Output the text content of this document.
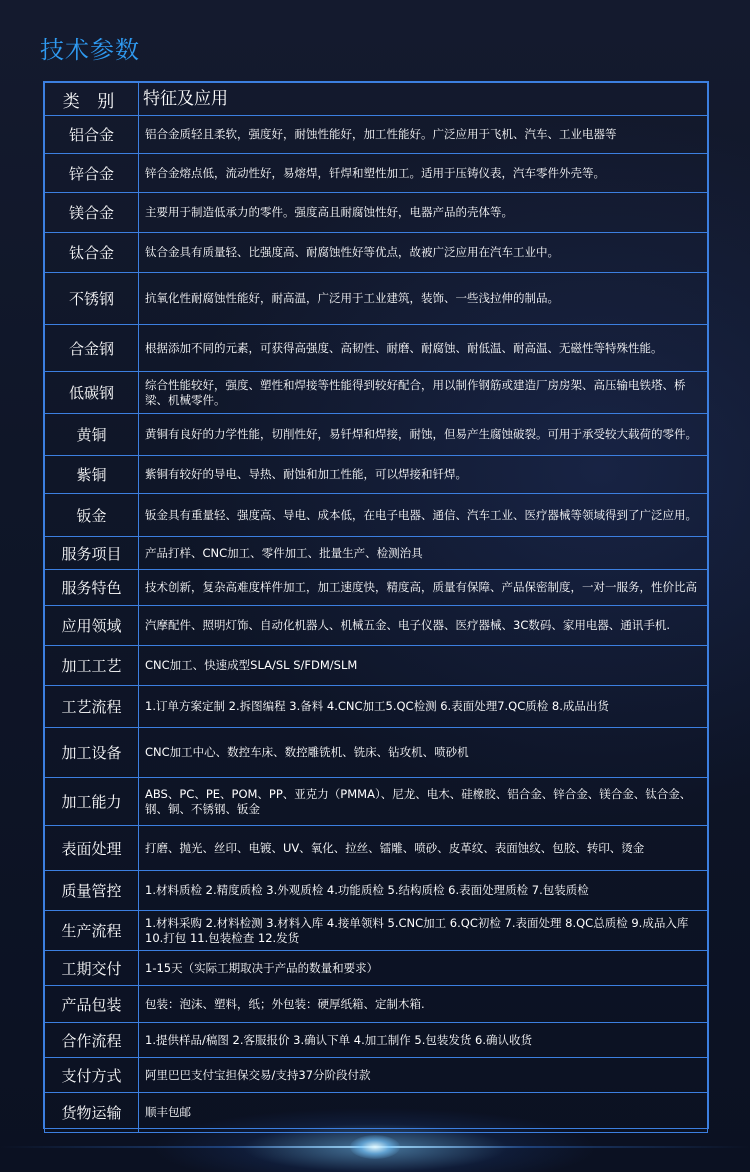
技术参数
类 别	特征及应用
铝合金	铝合金质轻且柔软，强度好，耐蚀性能好，加工性能好。广泛应用于飞机、汽车、工业电器等
锌合金	锌合金熔点低，流动性好，易熔焊，钎焊和塑性加工。适用于压铸仪表，汽车零件外壳等。
镁合金	主要用于制造低承力的零件。强度高且耐腐蚀性好，电器产品的壳体等。
钛合金	钛合金具有质量轻、比强度高、耐腐蚀性好等优点，故被广泛应用在汽车工业中。
不锈钢	抗氧化性耐腐蚀性能好，耐高温，广泛用于工业建筑，装饰、一些浅拉伸的制品。
合金钢	根据添加不同的元素，可获得高强度、高韧性、耐磨、耐腐蚀、耐低温、耐高温、无磁性等特殊性能。
低碳钢	综合性能较好，强度、塑性和焊接等性能得到较好配合，用以制作钢筋或建造厂房房架、高压输电铁塔、桥梁、机械零件。
黄铜	黄铜有良好的力学性能，切削性好，易钎焊和焊接，耐蚀，但易产生腐蚀破裂。可用于承受较大载荷的零件。
紫铜	紫铜有较好的导电、导热、耐蚀和加工性能，可以焊接和钎焊。
钣金	钣金具有重量轻、强度高、导电、成本低，在电子电器、通信、汽车工业、医疗器械等领域得到了广泛应用。
服务项目	产品打样、CNC加工、零件加工、批量生产、检测治具
服务特色	技术创新，复杂高难度样件加工，加工速度快，精度高，质量有保障、产品保密制度，一对一服务，性价比高
应用领域	汽摩配件、照明灯饰、自动化机器人、机械五金、电子仪器、医疗器械、3C数码、家用电器、通讯手机.
加工工艺	CNC加工、快速成型SLA/SL S/FDM/SLM
工艺流程	1.订单方案定制 2.拆图编程 3.备料 4.CNC加工5.QC检测 6.表面处理7.QC质检 8.成品出货
加工设备	CNC加工中心、数控车床、数控雕铣机、铣床、钻攻机、喷砂机
加工能力	ABS、PC、PE、POM、PP、亚克力（PMMA）、尼龙、电木、硅橡胶、铝合金、锌合金、镁合金、钛合金、钢、铜、不锈钢、钣金
表面处理	打磨、抛光、丝印、电镀、UV、氧化、拉丝、镭雕、喷砂、皮革纹、表面蚀纹、包胶、转印、烫金
质量管控	1.材料质检 2.精度质检 3.外观质检 4.功能质检 5.结构质检 6.表面处理质检 7.包装质检
生产流程	1.材料采购 2.材料检测 3.材料入库 4.接单领料 5.CNC加工 6.QC初检 7.表面处理 8.QC总质检 9.成品入库 10.打包 11.包装检查 12.发货
工期交付	1-15天（实际工期取决于产品的数量和要求）
产品包装	包装：泡沫、塑料，纸；外包装：硬厚纸箱、定制木箱.
合作流程	1.提供样品/稿图 2.客服报价 3.确认下单 4.加工制作 5.包装发货 6.确认收货
支付方式	阿里巴巴支付宝担保交易/支持37分阶段付款
货物运输	顺丰包邮
